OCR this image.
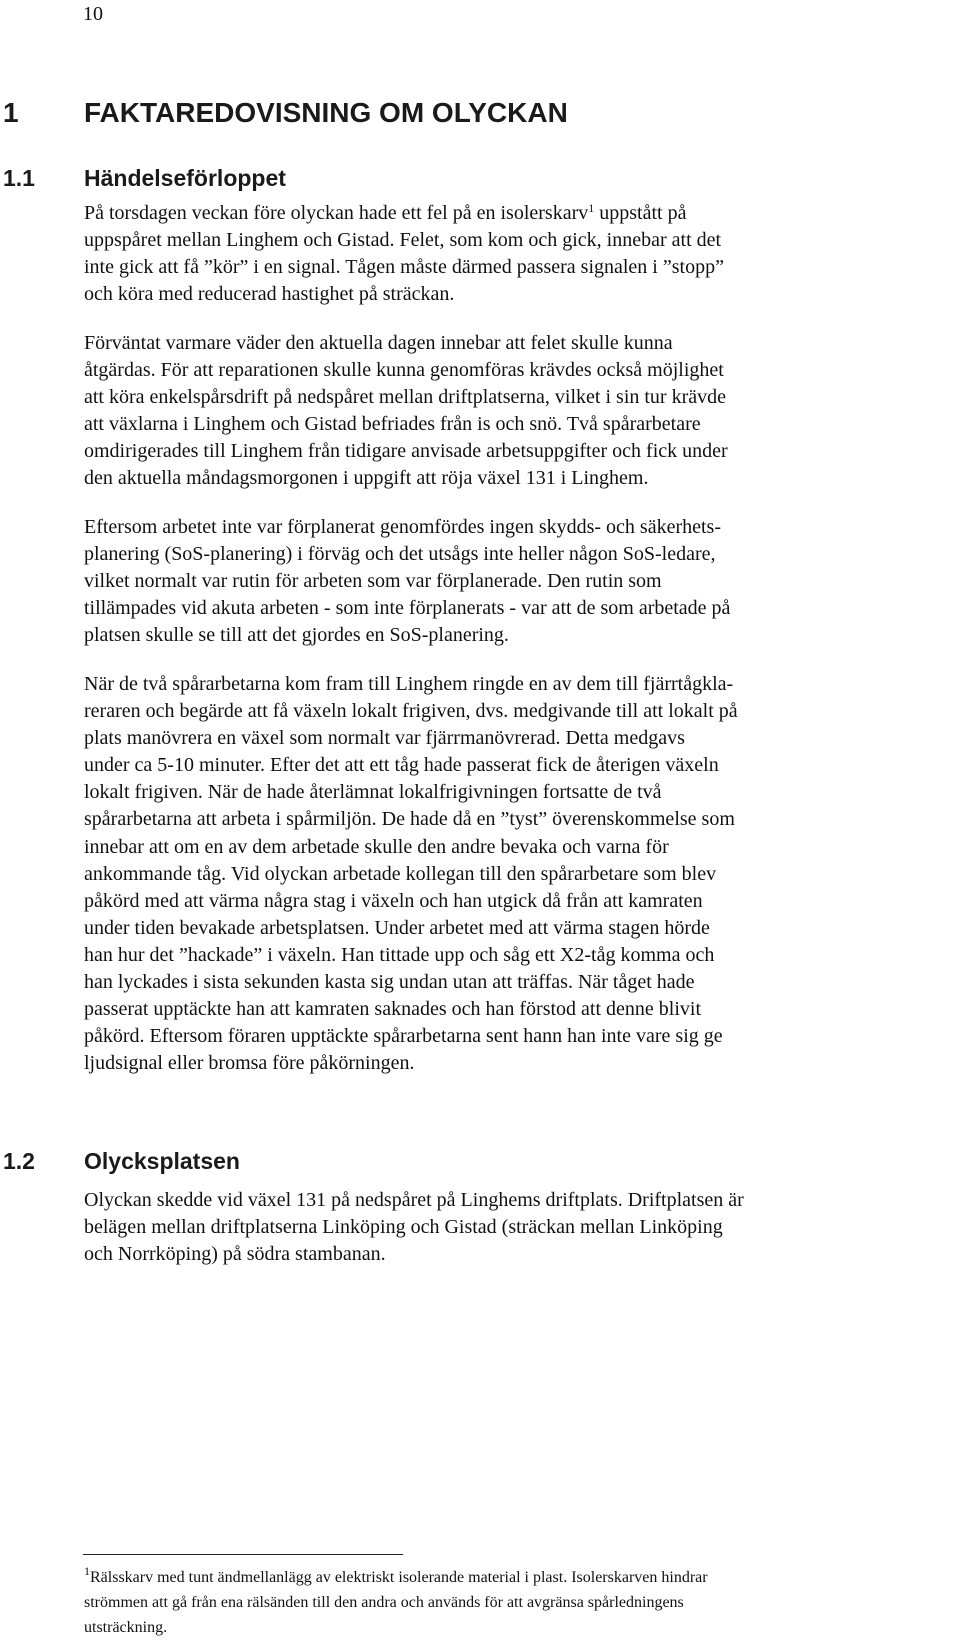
10
1 FAKTAREDOVISNING OM OLYCKAN
1.1 Händelseförloppet

På torsdagen veckan före olyckan hade ett fel på en isolerskarv$^1$ uppstått på
uppspåret mellan Linghem och Gistad. Felet, som kom och gick, innebar att det
inte gick att få ”kör” i en signal. Tågen måste därmed passera signalen i ”stopp”
och köra med reducerad hastighet på sträckan.

Förväntat varmare väder den aktuella dagen innebar att felet skulle kunna
åtgärdas. För att reparationen skulle kunna genomföras krävdes också möjlighet
att köra enkelspårsdrift på nedspåret mellan driftplatserna, vilket i sin tur krävde
att växlarna i Linghem och Gistad befriades från is och snö. Två spårarbetare
omdirigerades till Linghem från tidigare anvisade arbetsuppgifter och fick under
den aktuella måndagsmorgonen i uppgift att röja växel 131 i Linghem.

Eftersom arbetet inte var förplanerat genomfördes ingen skydds- och säkerhets-
planering (SoS-planering) i förväg och det utsågs inte heller någon SoS-ledare,
vilket normalt var rutin för arbeten som var förplanerade. Den rutin som
tillämpades vid akuta arbeten - som inte förplanerats - var att de som arbetade på
platsen skulle se till att det gjordes en SoS-planering.

När de två spårarbetarna kom fram till Linghem ringde en av dem till fjärrtågkla-
reraren och begärde att få växeln lokalt frigiven, dvs. medgivande till att lokalt på
plats manövrera en växel som normalt var fjärrmanövrerad. Detta medgavs
under ca 5-10 minuter. Efter det att ett tåg hade passerat fick de återigen växeln
lokalt frigiven. När de hade återlämnat lokalfrigivningen fortsatte de två
spårarbetarna att arbeta i spårmiljön. De hade då en ”tyst” överenskommelse som
innebar att om en av dem arbetade skulle den andre bevaka och varna för
ankommande tåg. Vid olyckan arbetade kollegan till den spårarbetare som blev
påkörd med att värma några stag i växeln och han utgick då från att kamraten
under tiden bevakade arbetsplatsen. Under arbetet med att värma stagen hörde
han hur det ”hackade” i växeln. Han tittade upp och såg ett X2-tåg komma och
han lyckades i sista sekunden kasta sig undan utan att träffas. När tåget hade
passerat upptäckte han att kamraten saknades och han förstod att denne blivit
påkörd. Eftersom föraren upptäckte spårarbetarna sent hann han inte vare sig ge
ljudsignal eller bromsa före påkörningen.

1.2 Olycksplatsen

Olyckan skedde vid växel 131 på nedspåret på Linghems driftplats. Driftplatsen är
belägen mellan driftplatserna Linköping och Gistad (sträckan mellan Linköping
och Norrköping) på södra stambanan.

$^1$Rälsskarv med tunt ändmellanlägg av elektriskt isolerande material i plast. Isolerskarven hindrar
strömmen att gå från ena rälsänden till den andra och används för att avgränsa spårledningens
utsträckning.
